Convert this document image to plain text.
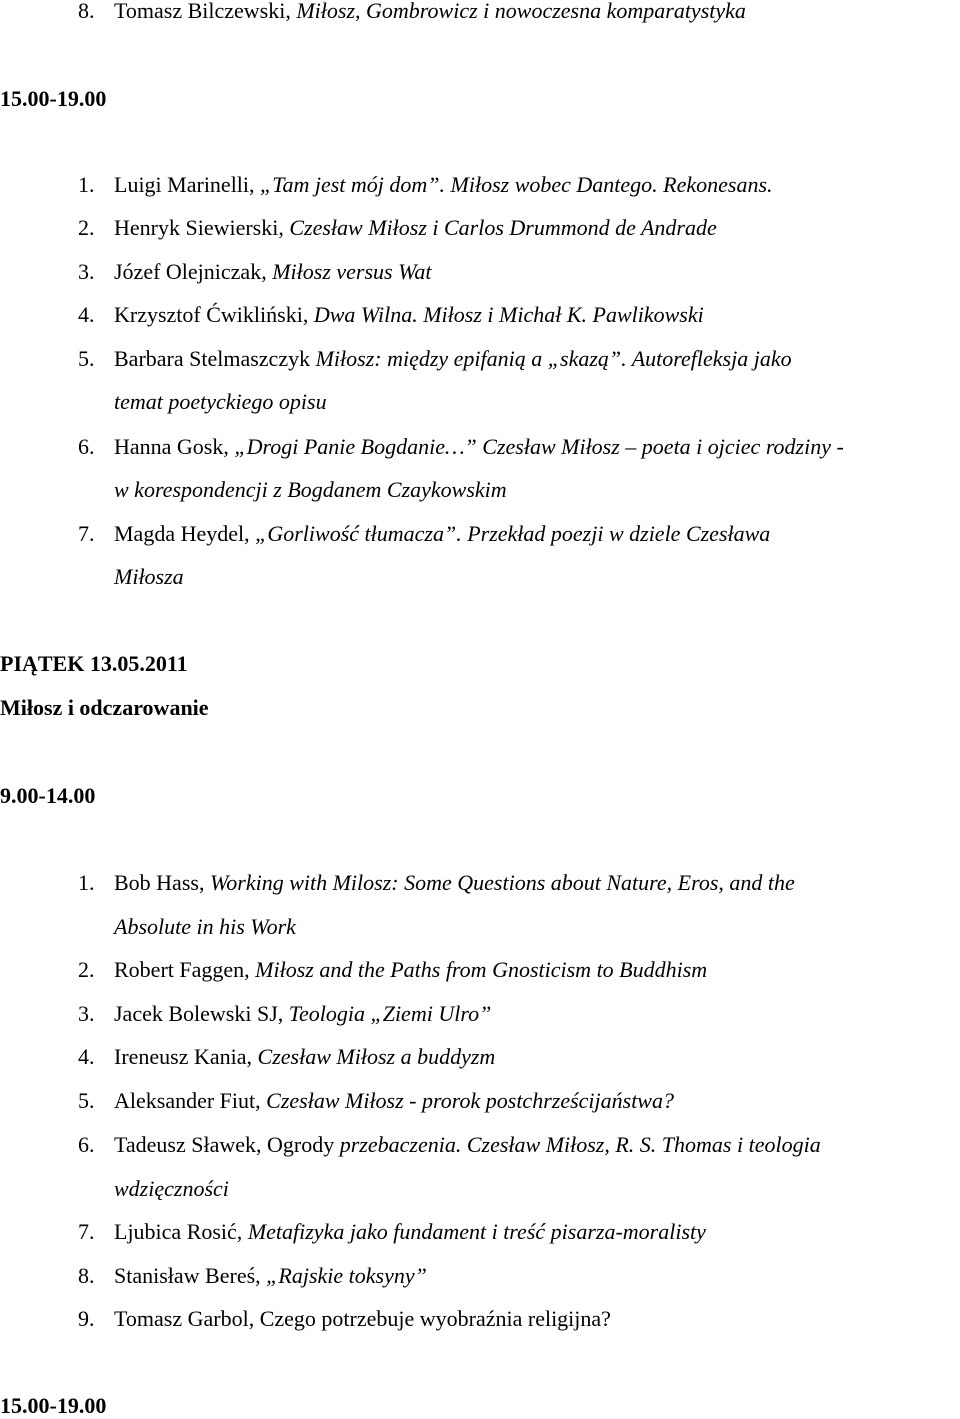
8. Tomasz Bilczewski, Miłosz, Gombrowicz i nowoczesna komparatystyka
15.00-19.00
1. Luigi Marinelli, „Tam jest mój dom”. Miłosz wobec Dantego. Rekonesans.
2. Henryk Siewierski, Czesław Miłosz i Carlos Drummond de Andrade
3. Józef Olejniczak, Miłosz versus Wat
4. Krzysztof Ćwikliński, Dwa Wilna. Miłosz i Michał K. Pawlikowski
5. Barbara Stelmaszczyk Miłosz: między epifanią a „skazą”. Autorefleksja jako
temat poetyckiego opisu
6. Hanna Gosk, „Drogi Panie Bogdanie…” Czesław Miłosz – poeta i ojciec rodziny -
w korespondencji z Bogdanem Czaykowskim
7. Magda Heydel, „Gorliwość tłumacza”. Przekład poezji w dziele Czesława
Miłosza
PIĄTEK 13.05.2011
Miłosz i odczarowanie
9.00-14.00
1. Bob Hass, Working with Milosz: Some Questions about Nature, Eros, and the
Absolute in his Work
2. Robert Faggen, Miłosz and the Paths from Gnosticism to Buddhism
3. Jacek Bolewski SJ, Teologia „Ziemi Ulro”
4. Ireneusz Kania, Czesław Miłosz a buddyzm
5. Aleksander Fiut, Czesław Miłosz - prorok postchrześcijaństwa?
6. Tadeusz Sławek, Ogrody przebaczenia. Czesław Miłosz, R. S. Thomas i teologia
wdzięczności
7. Ljubica Rosić, Metafizyka jako fundament i treść pisarza-moralisty
8. Stanisław Bereś, „Rajskie toksyny”
9. Tomasz Garbol, Czego potrzebuje wyobraźnia religijna?
15.00-19.00
